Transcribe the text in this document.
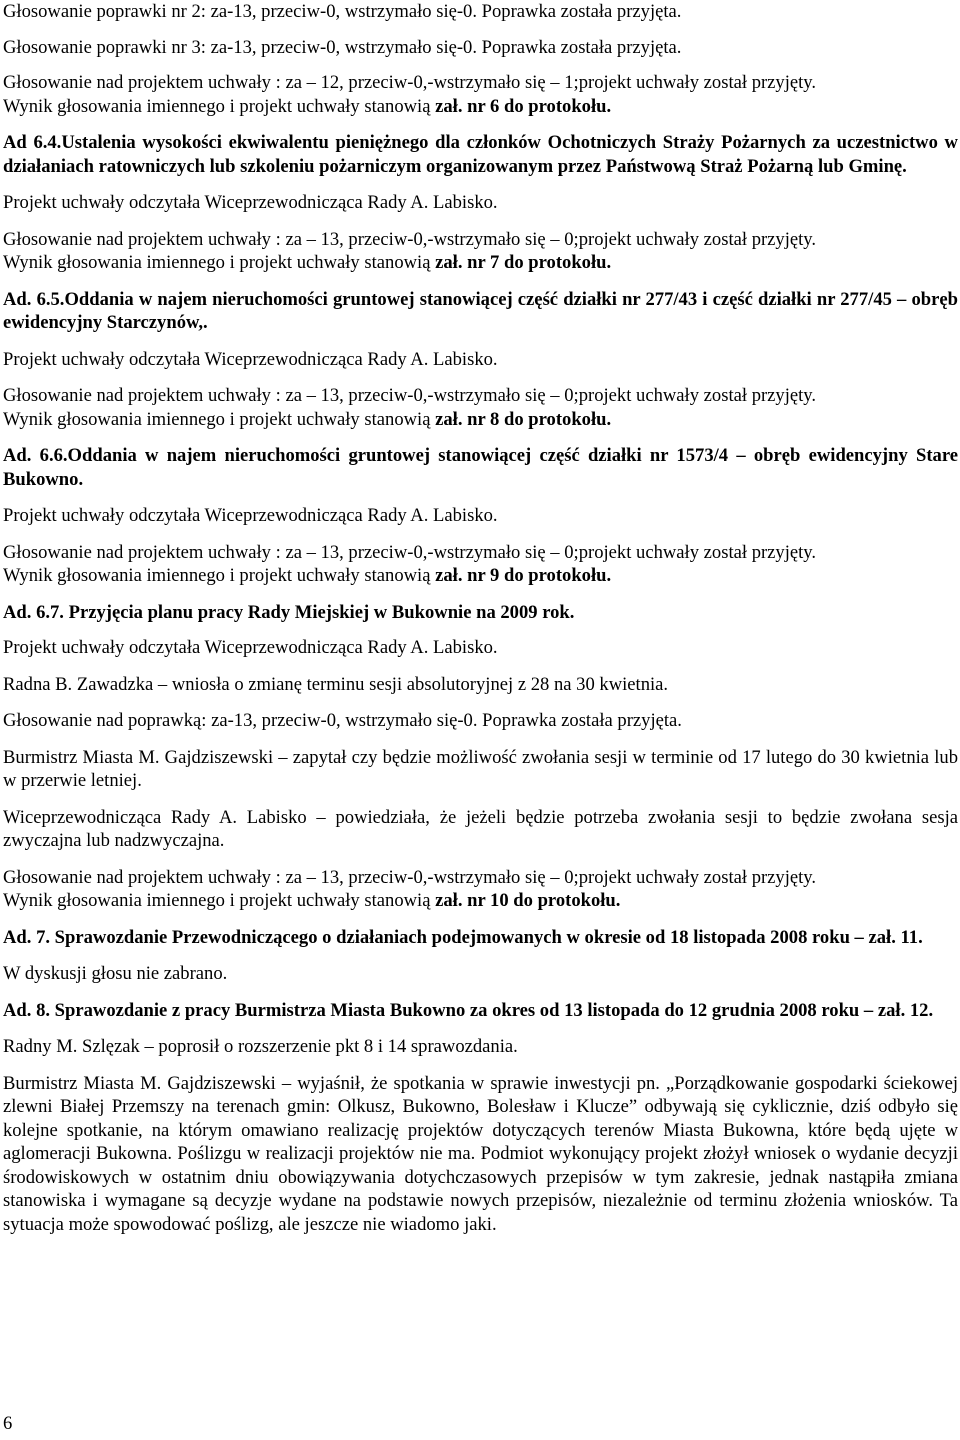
Głosowanie poprawki nr 2: za-13, przeciw-0, wstrzymało się-0. Poprawka została przyjęta.

Głosowanie poprawki nr 3: za-13, przeciw-0, wstrzymało się-0. Poprawka została przyjęta.

Głosowanie nad projektem uchwały : za – 12, przeciw-0,-wstrzymało się – 1;projekt uchwały został przyjęty.

Wynik głosowania imiennego i projekt uchwały stanowią zał. nr 6 do protokołu.

Ad 6.4.Ustalenia wysokości ekwiwalentu pieniężnego dla członków Ochotniczych Straży Pożarnych za uczestnictwo w działaniach ratowniczych lub szkoleniu pożarniczym organizowanym przez Państwową Straż Pożarną lub Gminę.

Projekt uchwały odczytała Wiceprzewodnicząca Rady A. Labisko.

Głosowanie nad projektem uchwały : za – 13, przeciw-0,-wstrzymało się – 0;projekt uchwały został przyjęty.

Wynik głosowania imiennego i projekt uchwały stanowią zał. nr 7 do protokołu.

Ad. 6.5.Oddania w najem nieruchomości gruntowej stanowiącej część działki nr 277/43 i część działki nr 277/45 – obręb ewidencyjny Starczynów,.

Projekt uchwały odczytała Wiceprzewodnicząca Rady A. Labisko.

Głosowanie nad projektem uchwały : za – 13, przeciw-0,-wstrzymało się – 0;projekt uchwały został przyjęty.

Wynik głosowania imiennego i projekt uchwały stanowią zał. nr 8 do protokołu.

Ad. 6.6.Oddania w najem nieruchomości gruntowej stanowiącej część działki nr 1573/4 – obręb ewidencyjny Stare Bukowno.

Projekt uchwały odczytała Wiceprzewodnicząca Rady A. Labisko.

Głosowanie nad projektem uchwały : za – 13, przeciw-0,-wstrzymało się – 0;projekt uchwały został przyjęty.

Wynik głosowania imiennego i projekt uchwały stanowią zał. nr 9 do protokołu.

Ad. 6.7. Przyjęcia planu pracy Rady Miejskiej w Bukownie na 2009 rok.

Projekt uchwały odczytała Wiceprzewodnicząca Rady A. Labisko.

Radna B. Zawadzka – wniosła o zmianę terminu sesji absolutoryjnej z 28 na 30 kwietnia.

Głosowanie nad poprawką: za-13, przeciw-0, wstrzymało się-0. Poprawka została przyjęta.

Burmistrz Miasta M. Gajdziszewski – zapytał czy będzie możliwość zwołania sesji w terminie od 17 lutego do 30 kwietnia lub w przerwie letniej.

Wiceprzewodnicząca Rady A. Labisko – powiedziała, że jeżeli będzie potrzeba zwołania sesji to będzie zwołana sesja zwyczajna lub nadzwyczajna.

Głosowanie nad projektem uchwały : za – 13, przeciw-0,-wstrzymało się – 0;projekt uchwały został przyjęty.

Wynik głosowania imiennego i projekt uchwały stanowią zał. nr 10 do protokołu.

Ad. 7. Sprawozdanie Przewodniczącego o działaniach podejmowanych w okresie od 18 listopada 2008 roku – zał. 11.

W dyskusji głosu nie zabrano.

Ad. 8. Sprawozdanie z pracy Burmistrza Miasta Bukowno za okres od 13 listopada do 12 grudnia 2008 roku – zał. 12.

Radny M. Szlęzak – poprosił o rozszerzenie pkt 8 i 14 sprawozdania.

Burmistrz Miasta M. Gajdziszewski – wyjaśnił, że spotkania w sprawie inwestycji pn. „Porządkowanie gospodarki ściekowej zlewni Białej Przemszy na terenach gmin: Olkusz, Bukowno, Bolesław i Klucze” odbywają się cyklicznie, dziś odbyło się kolejne spotkanie, na którym omawiano realizację projektów dotyczących terenów Miasta Bukowna, które będą ujęte w aglomeracji Bukowna. Poślizgu w realizacji projektów nie ma. Podmiot wykonujący projekt złożył wniosek o wydanie decyzji środowiskowych w ostatnim dniu obowiązywania dotychczasowych przepisów w tym zakresie, jednak nastąpiła zmiana stanowiska i wymagane są decyzje wydane na podstawie nowych przepisów, niezależnie od terminu złożenia wniosków. Ta sytuacja może spowodować poślizg, ale jeszcze nie wiadomo jaki.

6
